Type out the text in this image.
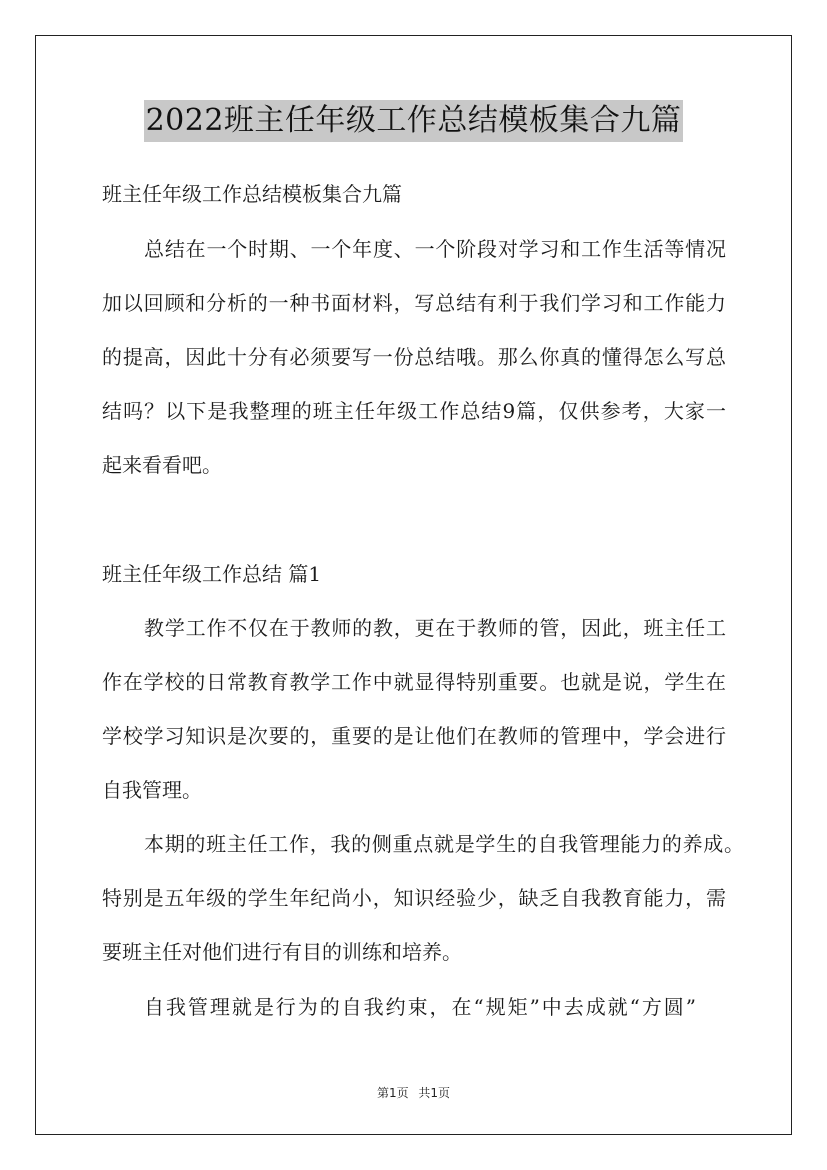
2022班主任年级工作总结模板集合九篇

班主任年级工作总结模板集合九篇

总结在一个时期、一个年度、一个阶段对学习和工作生活等情况

加以回顾和分析的一种书面材料，写总结有利于我们学习和工作能力

的提高，因此十分有必须要写一份总结哦。那么你真的懂得怎么写总

结吗？以下是我整理的班主任年级工作总结9篇，仅供参考，大家一

起来看看吧。

班主任年级工作总结 篇1

教学工作不仅在于教师的教，更在于教师的管，因此，班主任工

作在学校的日常教育教学工作中就显得特别重要。也就是说，学生在

学校学习知识是次要的，重要的是让他们在教师的管理中，学会进行

自我管理。

本期的班主任工作，我的侧重点就是学生的自我管理能力的养成。

特别是五年级的学生年纪尚小，知识经验少，缺乏自我教育能力，需

要班主任对他们进行有目的训练和培养。

自我管理就是行为的自我约束，在“规矩”中去成就“方圆”

第1页 共1页
